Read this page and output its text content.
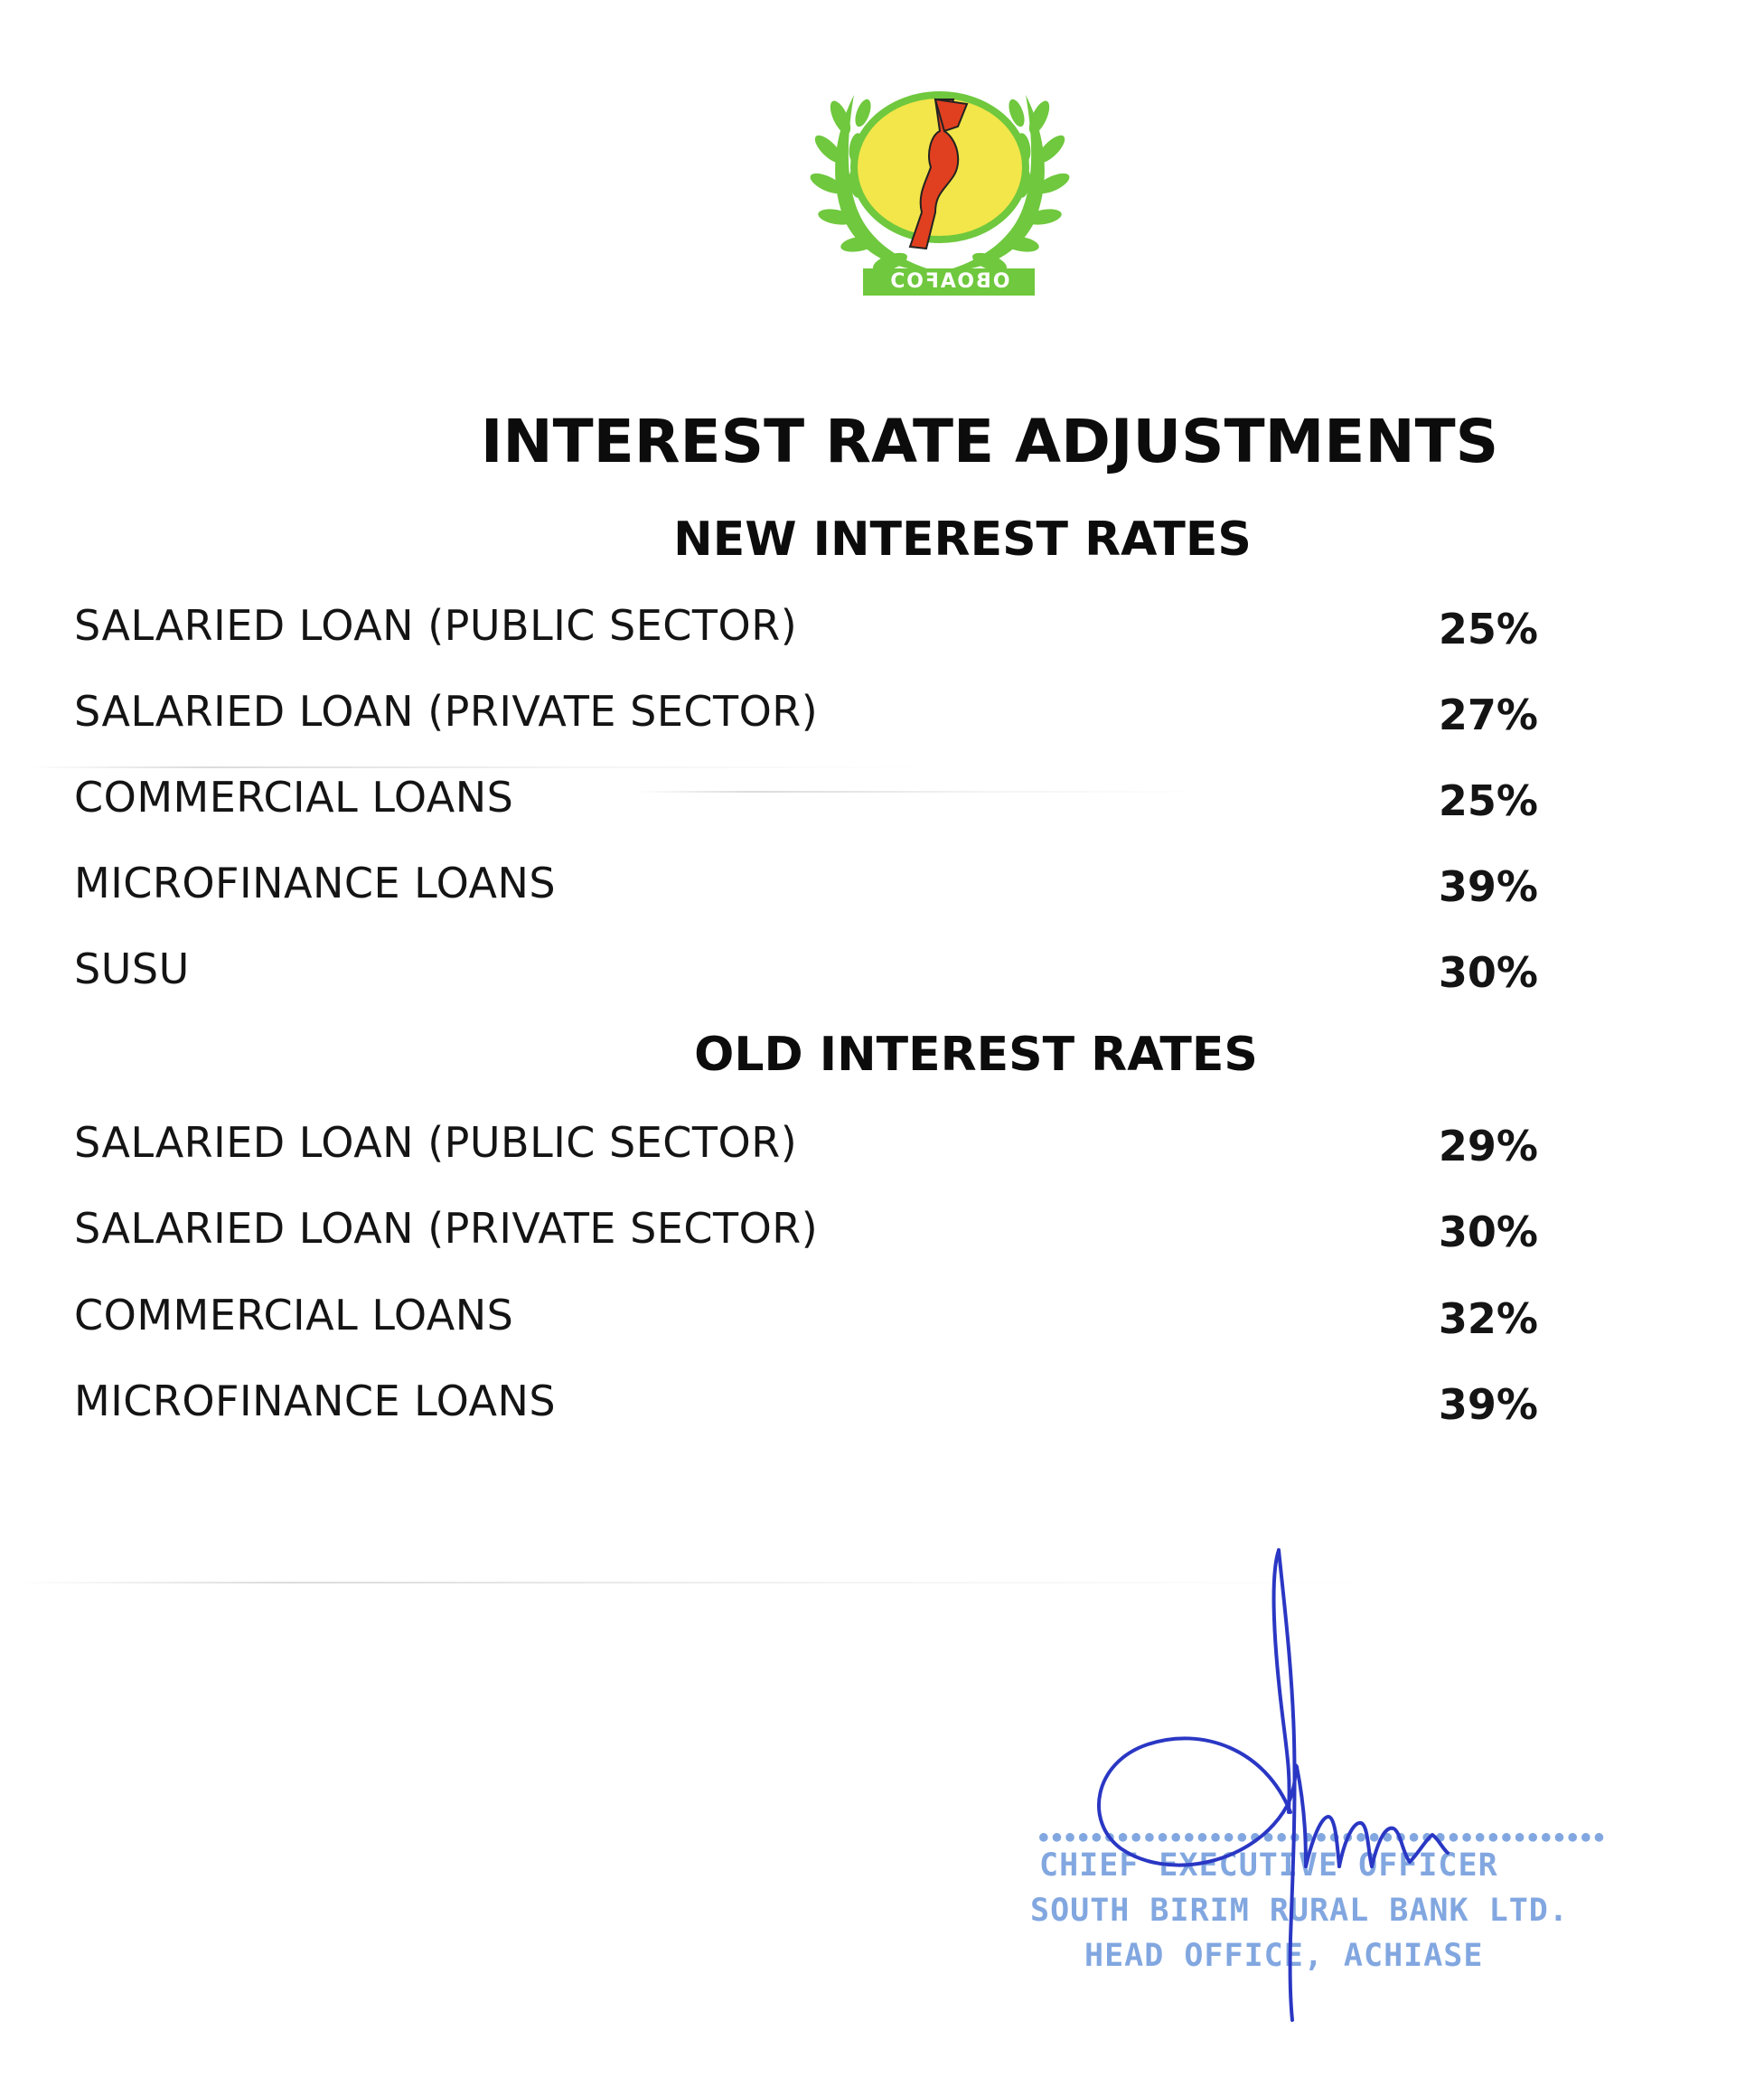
OBOAFOƆ
INTEREST RATE ADJUSTMENTS
NEW INTEREST RATES
SALARIED LOAN (PUBLIC SECTOR)	25%
SALARIED LOAN (PRIVATE SECTOR)	27%
COMMERCIAL LOANS	25%
MICROFINANCE LOANS	39%
SUSU	30%
OLD INTEREST RATES
SALARIED LOAN (PUBLIC SECTOR)	29%
SALARIED LOAN (PRIVATE SECTOR)	30%
COMMERCIAL LOANS	32%
MICROFINANCE LOANS	39%
●●●●●●●●●●●●●●●●●●●●●●●●●●●●●●●●●●●●●●●●●●●
CHIEF EXECUTIVE OFFICER
SOUTH BIRIM RURAL BANK LTD.
HEAD OFFICE, ACHIASE
